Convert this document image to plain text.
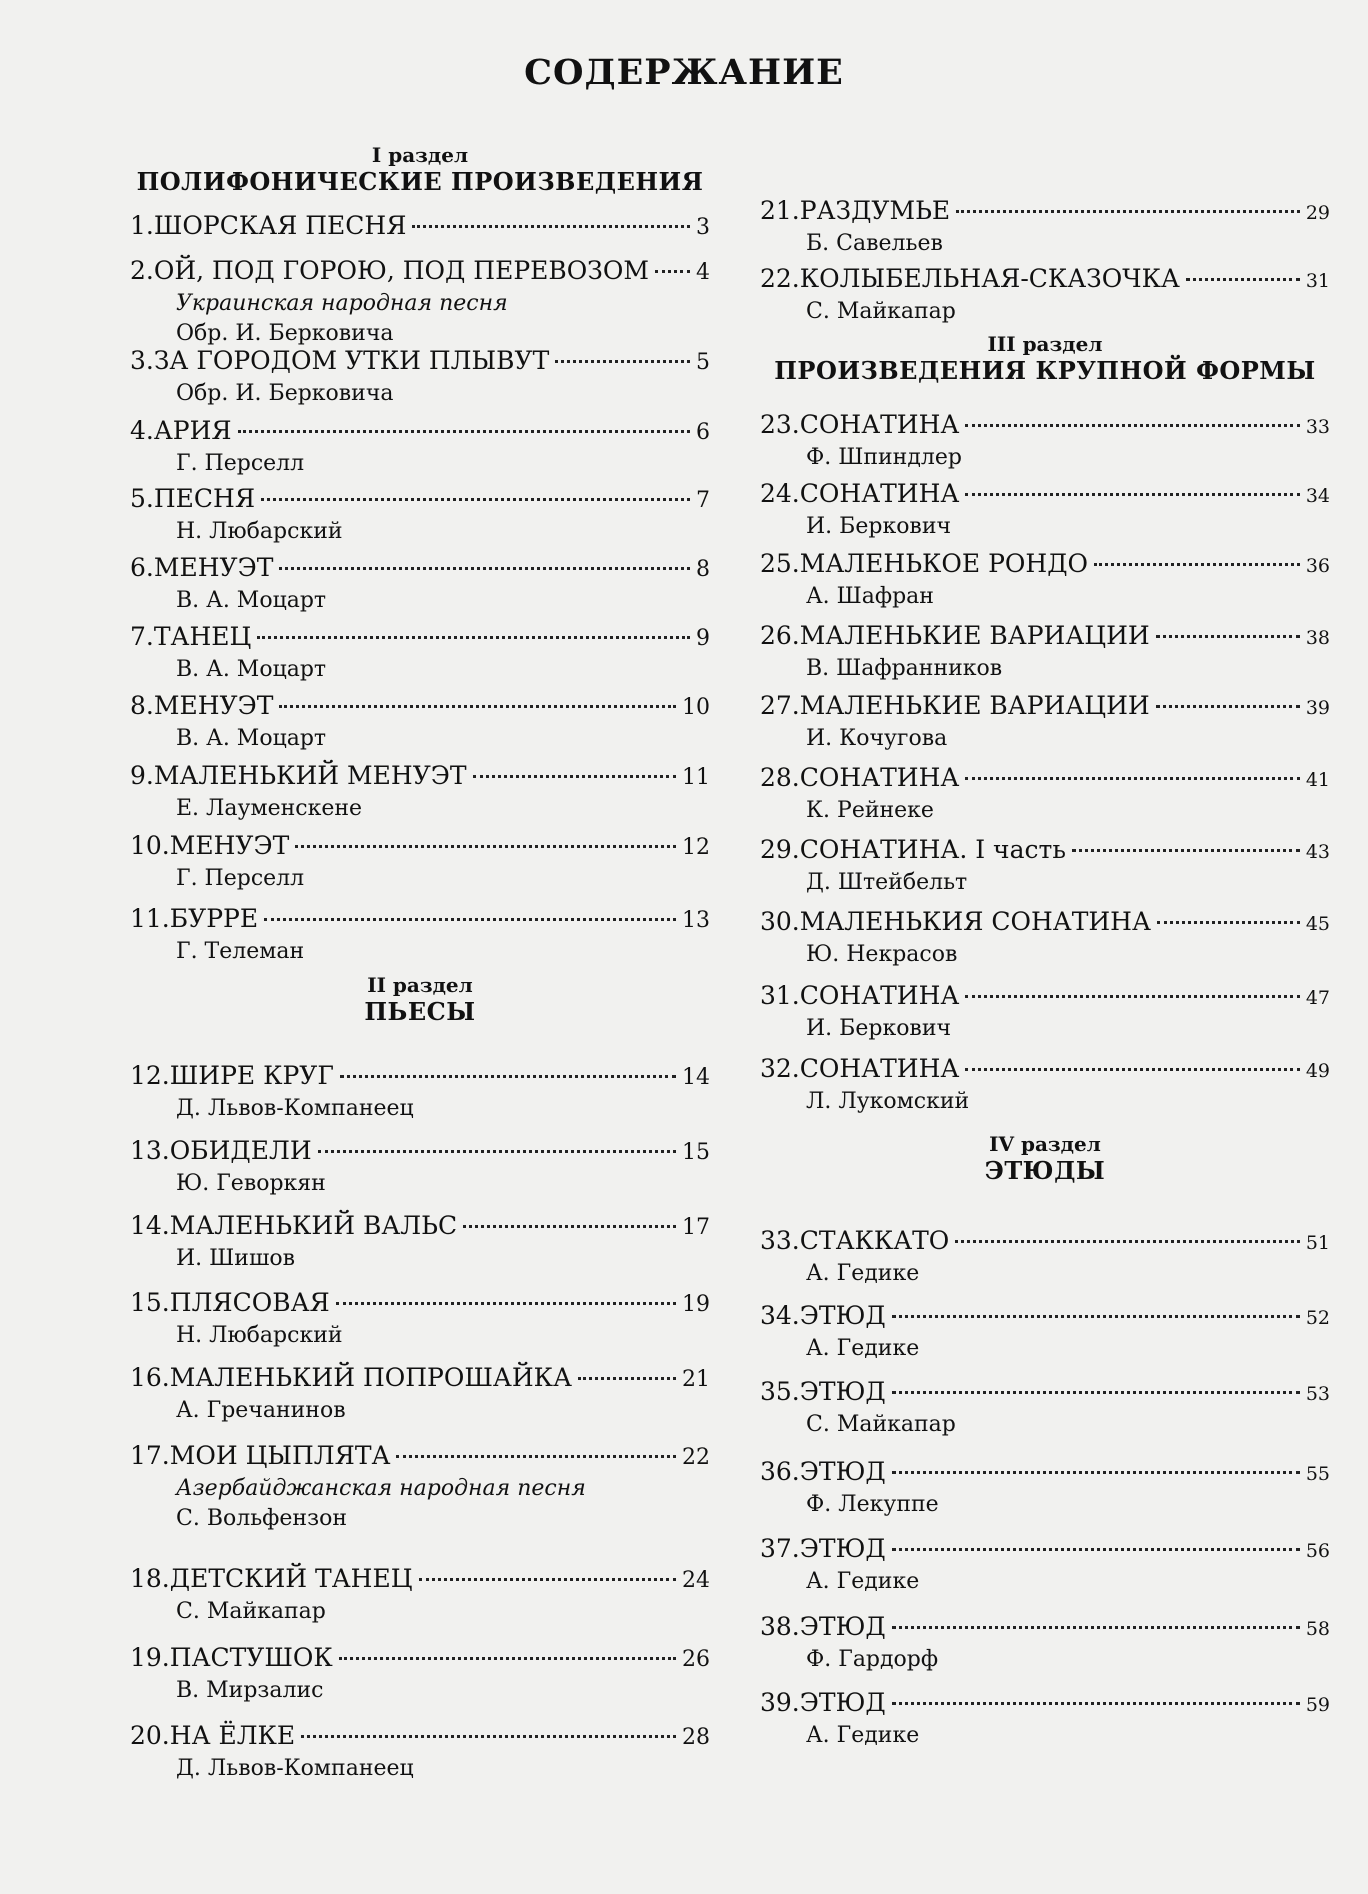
СОДЕРЖАНИЕ
I раздел
ПОЛИФОНИЧЕСКИЕ ПРОИЗВЕДЕНИЯ
II раздел
ПЬЕСЫ
1. ШОРСКАЯ ПЕСНЯ	3
2. ОЙ, ПОД ГОРОЮ, ПОД ПЕРЕВОЗОМ 4
Украинская народная песня
Обр. И. Берковича
3. ЗА ГОРОДОМ УТКИ ПЛЫВУТ	5
Обр. И. Берковича
4. АРИЯ	6
Г. Перселл
5. ПЕСНЯ	7
Н. Любарский
6. МЕНУЭТ	8
В. А. Моцарт
7. ТАНЕЦ	9
В. А. Моцарт
8. МЕНУЭТ	10
В. А. Моцарт
9. МАЛЕНЬКИЙ МЕНУЭТ	11
Е. Лауменскене
10. МЕНУЭТ	12
Г. Перселл
11. БУРРЕ	13
Г. Телеман
12. ШИРЕ КРУГ	14
Д. Львов-Компанеец
13. ОБИДЕЛИ	15
Ю. Геворкян
14. МАЛЕНЬКИЙ ВАЛЬС	17
И. Шишов
15. ПЛЯСОВАЯ	19
Н. Любарский
16. МАЛЕНЬКИЙ ПОПРОШАЙКА	21
А. Гречанинов
17. МОИ ЦЫПЛЯТА	22
Азербайджанская народная песня
С. Вольфензон
18. ДЕТСКИЙ ТАНЕЦ	24
С. Майкапар
19. ПАСТУШОК	26
В. Мирзалис
20. НА ЁЛКЕ	28
Д. Львов-Компанеец
III раздел
ПРОИЗВЕДЕНИЯ КРУПНОЙ ФОРМЫ
IV раздел
ЭТЮДЫ
21. РАЗДУМЬЕ	29
Б. Савельев
22. КОЛЫБЕЛЬНАЯ-СКАЗОЧКА	31
С. Майкапар
23. СОНАТИНА	33
Ф. Шпиндлер
24. СОНАТИНА	34
И. Беркович
25. МАЛЕНЬКОЕ РОНДО	36
А. Шафран
26. МАЛЕНЬКИЕ ВАРИАЦИИ	38
В. Шафранников
27. МАЛЕНЬКИЕ ВАРИАЦИИ	39
И. Кочугова
28. СОНАТИНА	41
К. Рейнеке
29. СОНАТИНА. I часть	43
Д. Штейбельт
30. МАЛЕНЬКИЯ СОНАТИНА	45
Ю. Некрасов
31. СОНАТИНА	47
И. Беркович
32. СОНАТИНА	49
Л. Лукомский
33. СТАККАТО	51
А. Гедике
34. ЭТЮД	52
А. Гедике
35. ЭТЮД	53
С. Майкапар
36. ЭТЮД	55
Ф. Лекуппе
37. ЭТЮД	56
А. Гедике
38. ЭТЮД	58
Ф. Гардорф
39. ЭТЮД	59
А. Гедике
